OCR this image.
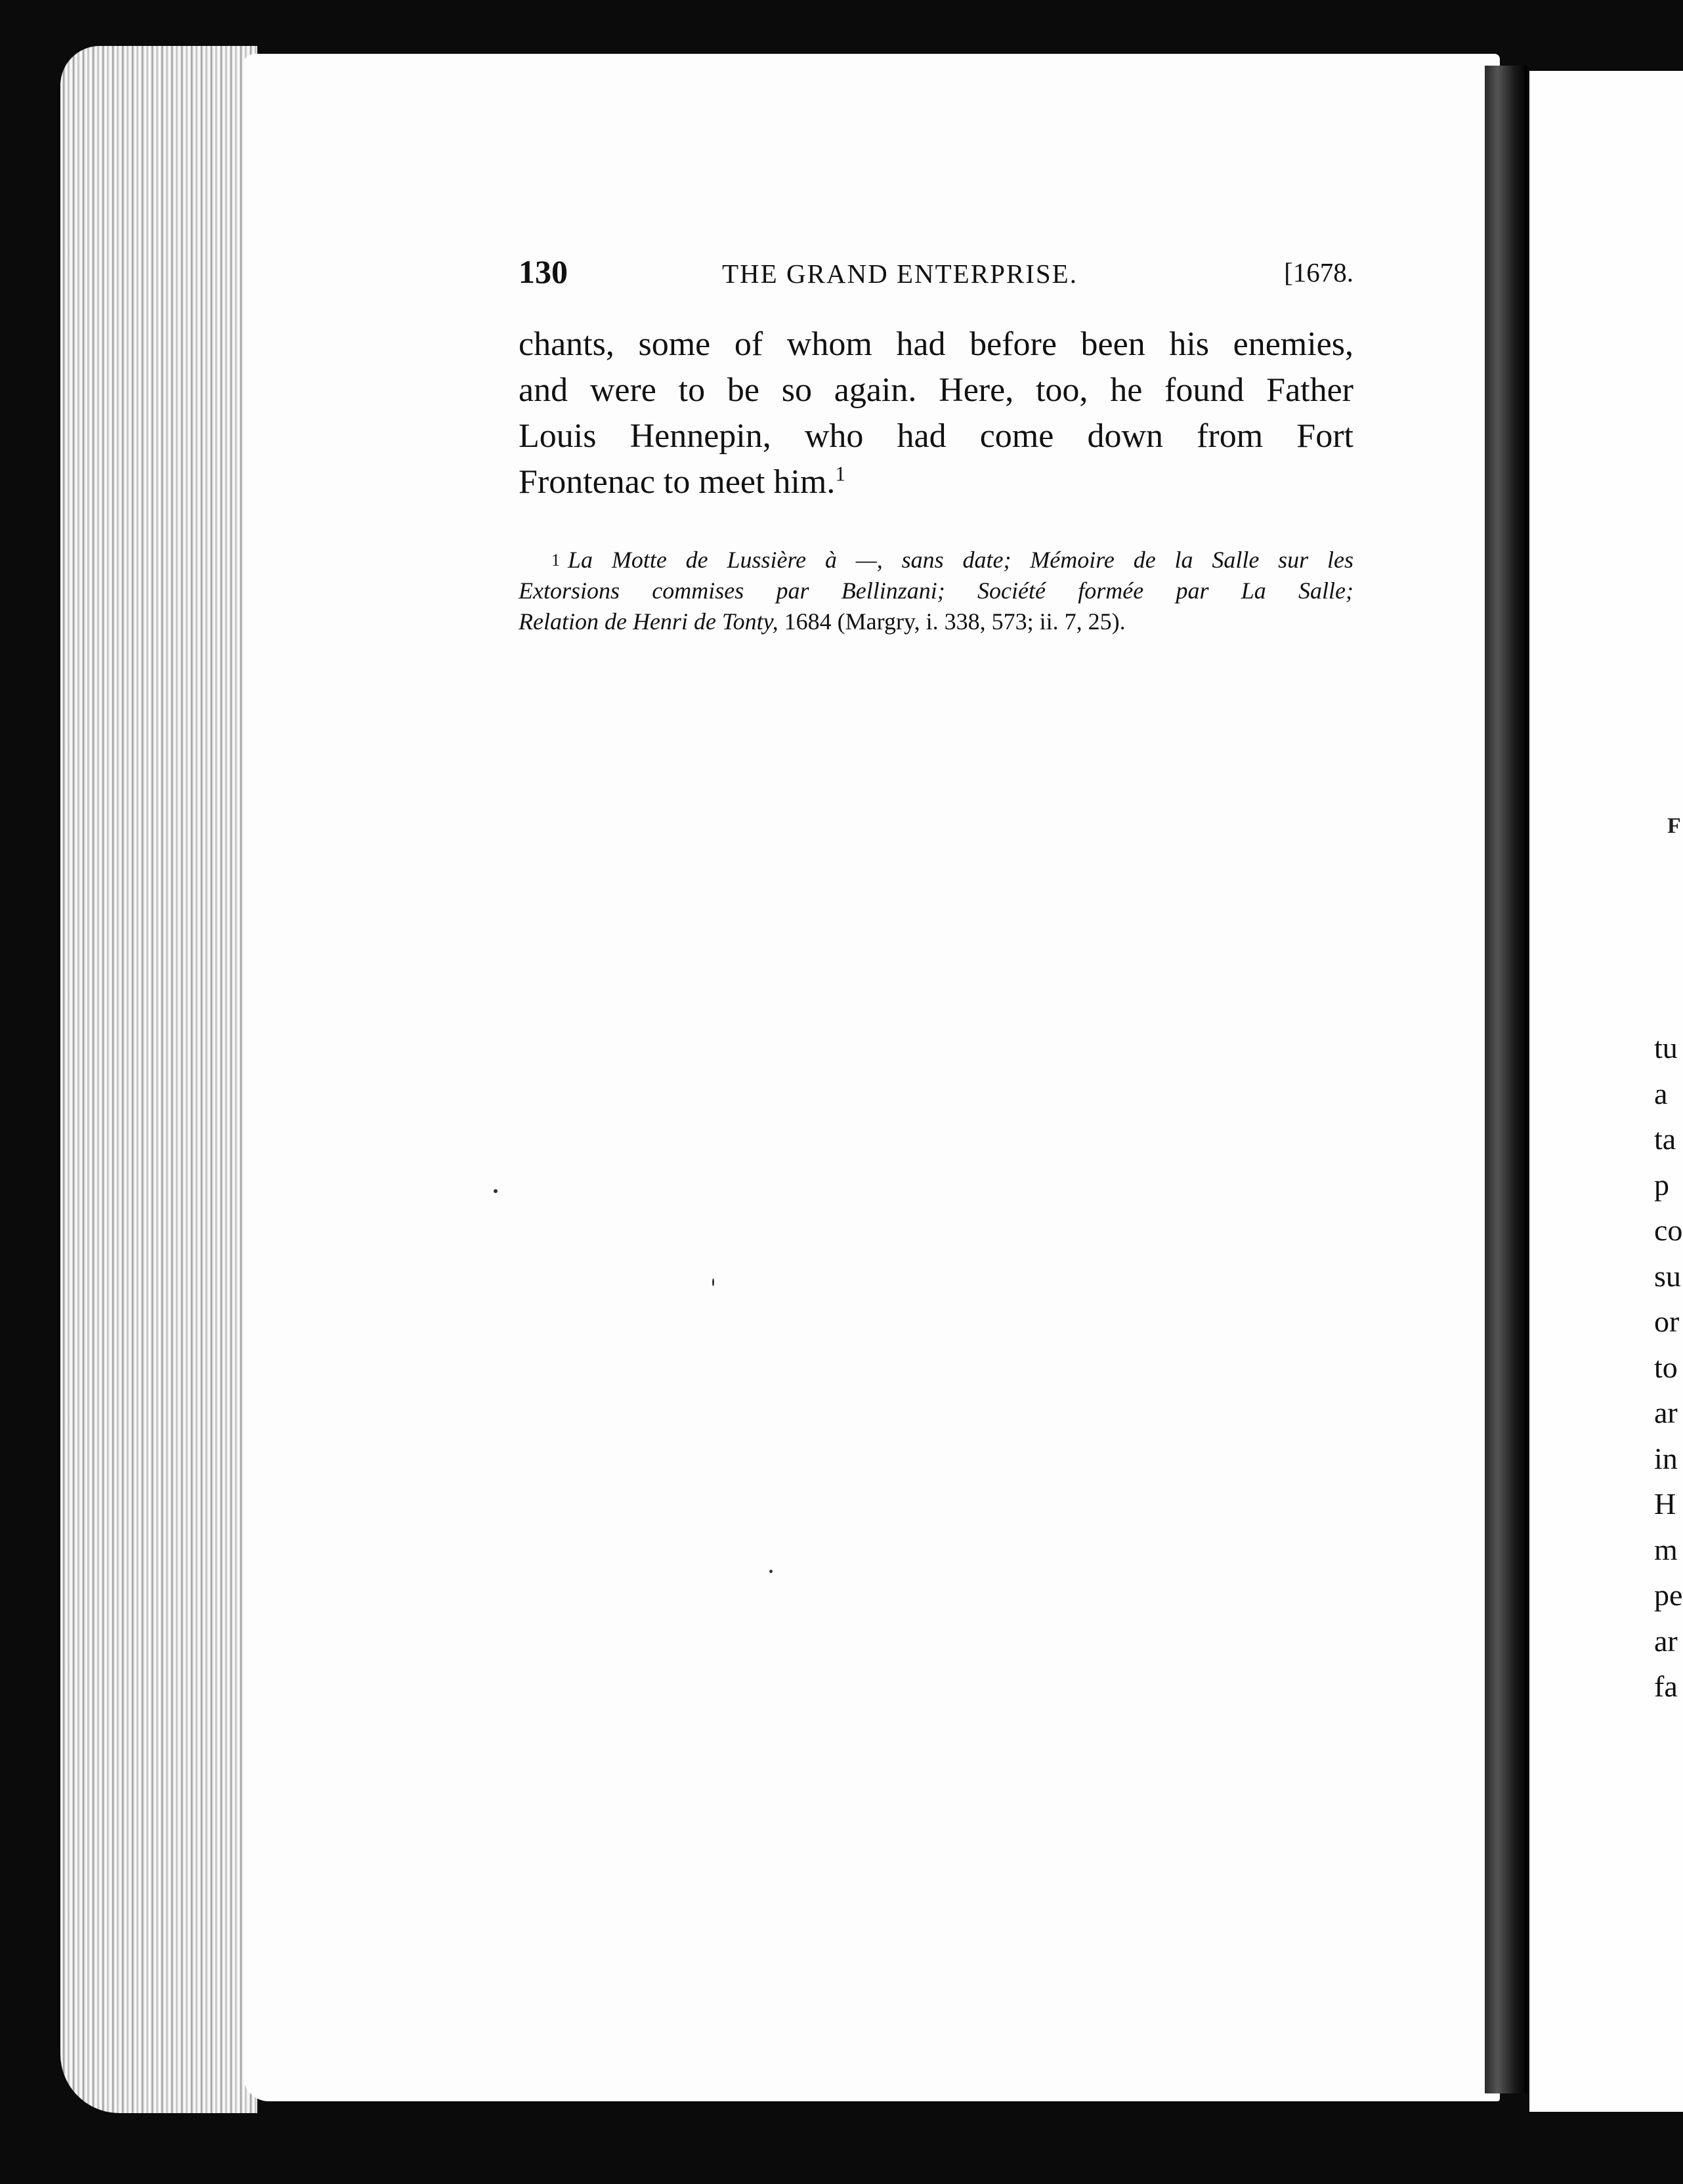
F
tu
a
ta
p
co
su
or
to
ar
in
H
m
pe
ar
fa
130	THE GRAND ENTERPRISE.	[1678.
chants, some of whom had before been his enemies,
and were to be so again. Here, too, he found Father
Louis Hennepin, who had come down from Fort
Frontenac to meet him.$^1$
$^1$ La Motte de Lussière à —, sans date; Mémoire de la Salle sur les
Extorsions commises par Bellinzani; Société formée par La Salle;
Relation de Henri de Tonty, 1684 (Margry, i. 338, 573; ii. 7, 25).
